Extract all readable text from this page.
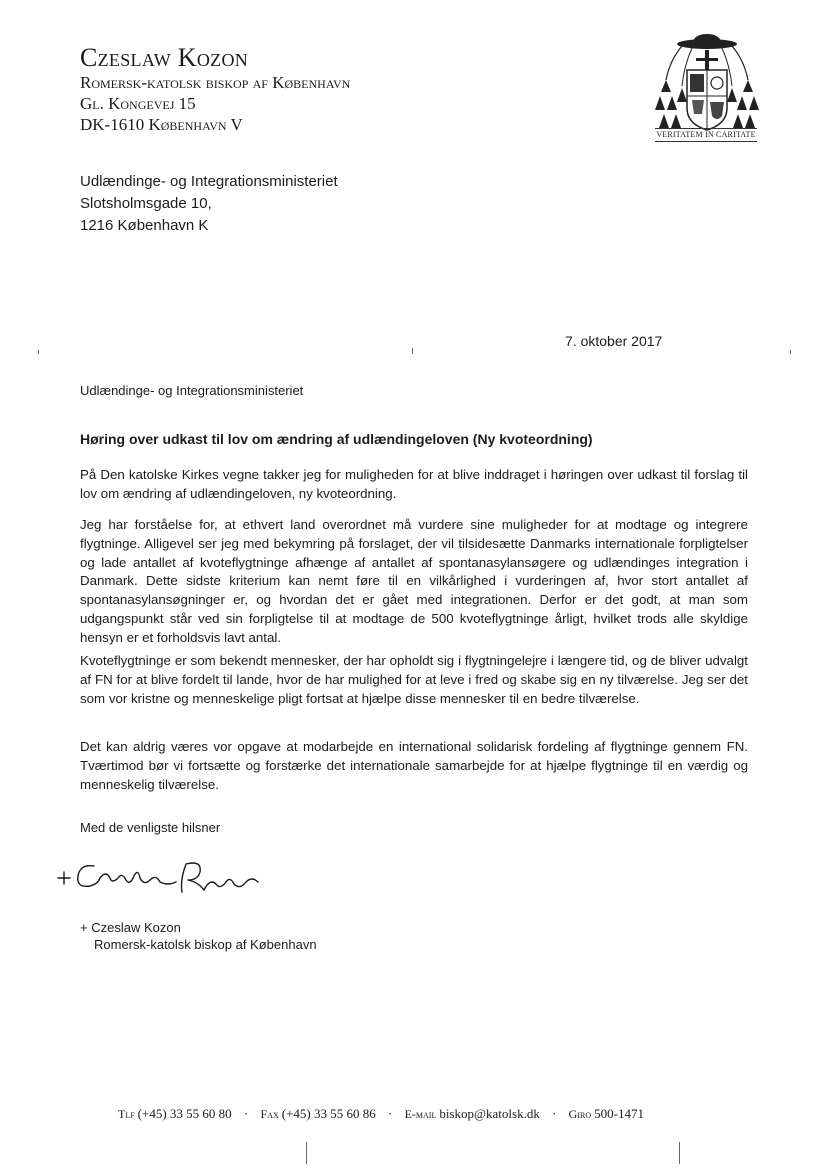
Czeslaw Kozon
Romersk-katolsk biskop af København
Gl. Kongevej 15
DK-1610 København V
VERITATEM IN CARITATE
Udlændinge- og Integrationsministeriet
Slotsholmsgade 10,
1216 København K
7. oktober 2017
Udlændinge- og Integrationsministeriet
Høring over udkast til lov om ændring af udlændingeloven (Ny kvoteordning)
På Den katolske Kirkes vegne takker jeg for muligheden for at blive inddraget i høringen over udkast til forslag til lov om ændring af udlændingeloven, ny kvoteordning.
Jeg har forståelse for, at ethvert land overordnet må vurdere sine muligheder for at modtage og integrere flygtninge. Alligevel ser jeg med bekymring på forslaget, der vil tilsidesætte Danmarks internationale forpligtelser og lade antallet af kvoteflygtninge afhænge af antallet af spontanasylansøgere og udlændinges integration i Danmark. Dette sidste kriterium kan nemt føre til en vilkårlighed i vurderingen af, hvor stort antallet af spontanasylansøgninger er, og hvordan det er gået med integrationen. Derfor er det godt, at man som udgangspunkt står ved sin forpligtelse til at modtage de 500 kvoteflygtninge årligt, hvilket trods alle skyldige hensyn er et forholdsvis lavt antal.
Kvoteflygtninge er som bekendt mennesker, der har opholdt sig i flygtningelejre i længere tid, og de bliver udvalgt af FN for at blive fordelt til lande, hvor de har mulighed for at leve i fred og skabe sig en ny tilværelse. Jeg ser det som vor kristne og menneskelige pligt fortsat at hjælpe disse mennesker til en bedre tilværelse.
Det kan aldrig væres vor opgave at modarbejde en international solidarisk fordeling af flygtninge gennem FN. Tværtimod bør vi fortsætte og forstærke det internationale samarbejde for at hjælpe flygtninge til en værdig og menneskelig tilværelse.
Med de venligste hilsner
+ Czeslaw Kozon
Romersk-katolsk biskop af København
Tlf (+45) 33 55 60 80 · Fax (+45) 33 55 60 86 · E-mail biskop@katolsk.dk · Giro 500-1471
